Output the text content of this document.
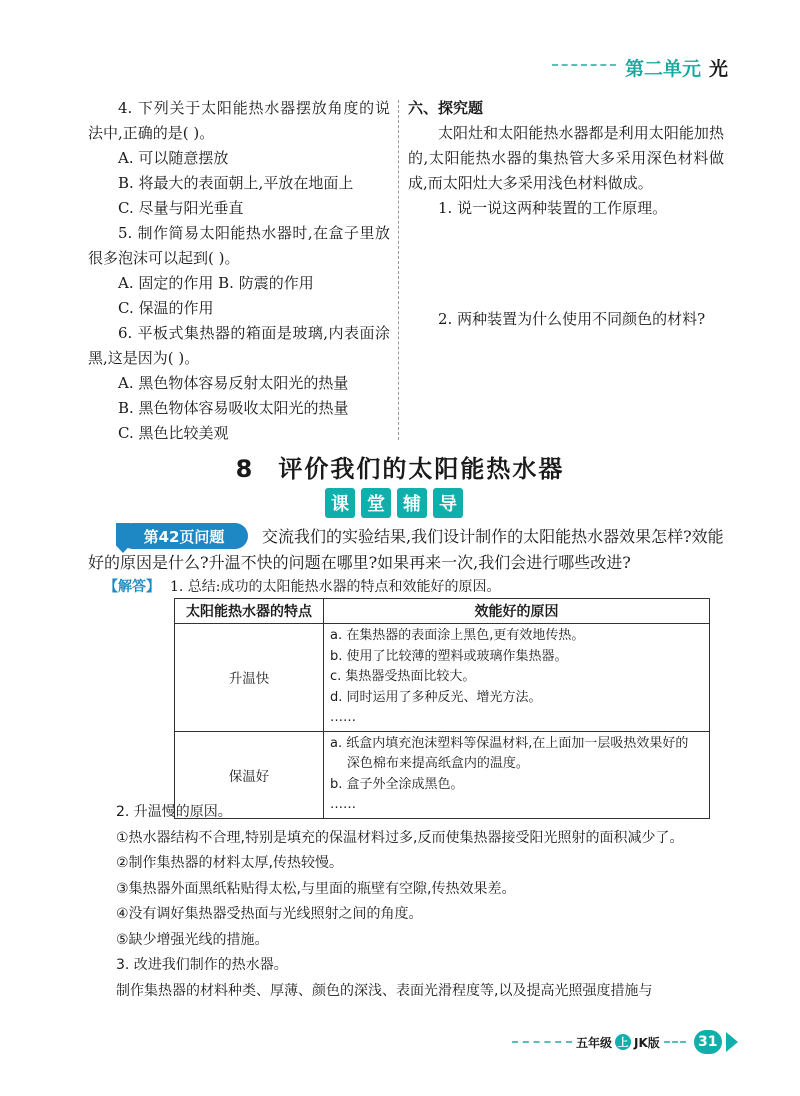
第二单元 光

4. 下列关于太阳能热水器摆放角度的说法中,正确的是( )。

A. 可以随意摆放

B. 将最大的表面朝上,平放在地面上

C. 尽量与阳光垂直

5. 制作简易太阳能热水器时,在盒子里放很多泡沫可以起到( )。

A. 固定的作用 B. 防震的作用

C. 保温的作用

6. 平板式集热器的箱面是玻璃,内表面涂黑,这是因为( )。

A. 黑色物体容易反射太阳光的热量

B. 黑色物体容易吸收太阳光的热量

C. 黑色比较美观

六、探究题

太阳灶和太阳能热水器都是利用太阳能加热的,太阳能热水器的集热管大多采用深色材料做成,而太阳灶大多采用浅色材料做成。

1. 说一说这两种装置的工作原理。

2. 两种装置为什么使用不同颜色的材料?

8 评价我们的太阳能热水器
课	堂	辅	导
交流我们的实验结果,我们设计制作的太阳能热水器效果怎样?效能好的原因是什么?升温不快的问题在哪里?如果再来一次,我们会进行哪些改进?
第42页问题
【解答】 1. 总结:成功的太阳能热水器的特点和效能好的原因。
太阳能热水器的特点	效能好的原因
升温快	a. 在集热器的表面涂上黑色,更有效地传热。
b. 使用了比较薄的塑料或玻璃作集热器。
c. 集热器受热面比较大。
d. 同时运用了多种反光、增光方法。
……

保温好	a. 纸盒内填充泡沫塑料等保温材料,在上面加一层吸热效果好的深色棉布来提高纸盒内的温度。
b. 盒子外全涂成黑色。
……

2. 升温慢的原因。

①热水器结构不合理,特别是填充的保温材料过多,反而使集热器接受阳光照射的面积减少了。

②制作集热器的材料太厚,传热较慢。

③集热器外面黑纸粘贴得太松,与里面的瓶壁有空隙,传热效果差。

④没有调好集热器受热面与光线照射之间的角度。

⑤缺少增强光线的措施。

3. 改进我们制作的热水器。

制作集热器的材料种类、厚薄、颜色的深浅、表面光滑程度等,以及提高光照强度措施与

五年级 上 JK版	31
